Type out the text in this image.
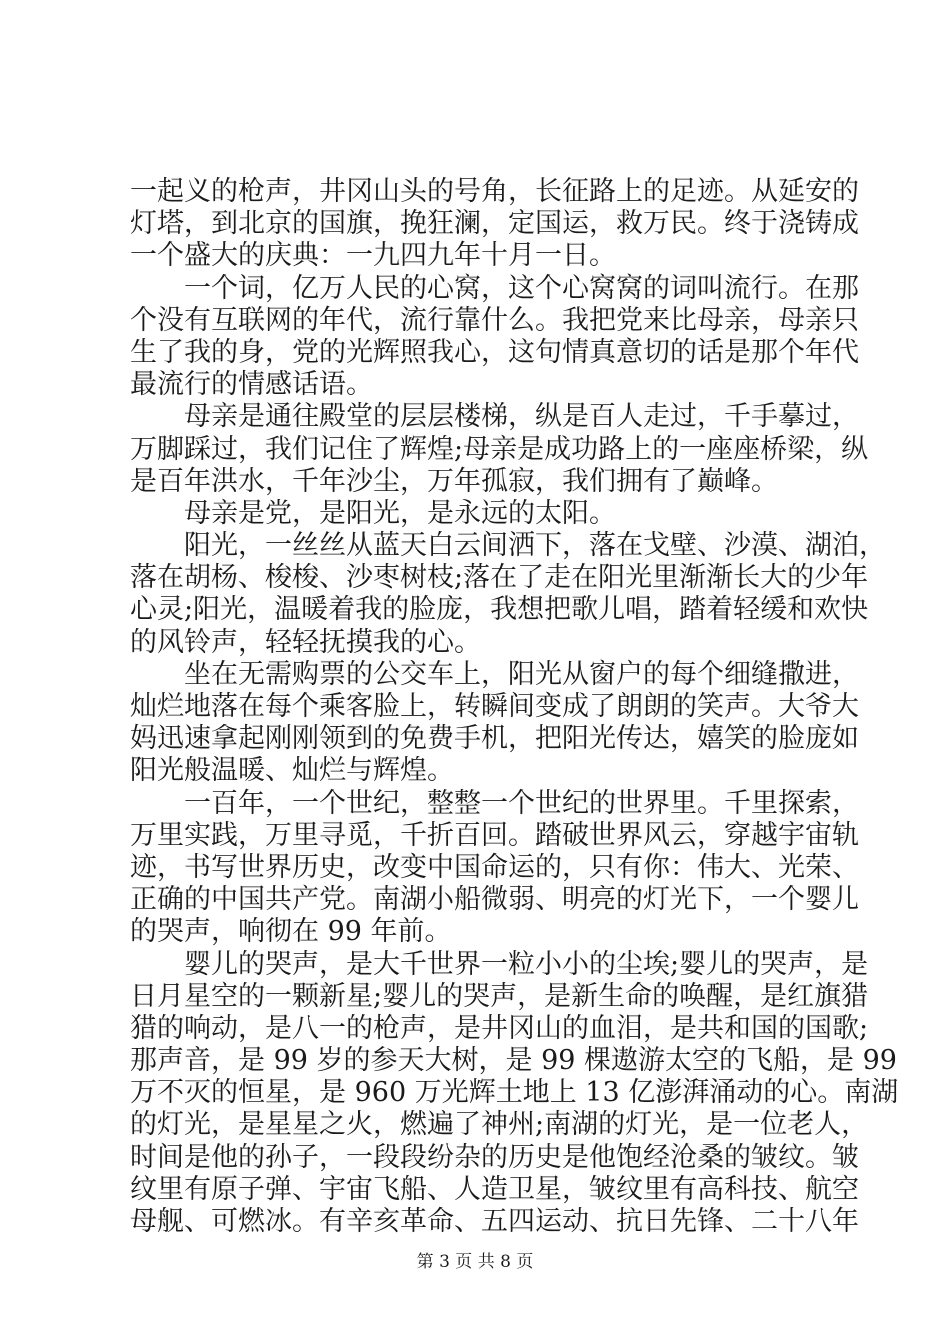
一起义的枪声，井冈山头的号角，长征路上的足迹。从延安的
灯塔，到北京的国旗，挽狂澜，定国运，救万民。终于浇铸成
一个盛大的庆典：一九四九年十月一日。
一个词，亿万人民的心窝，这个心窝窝的词叫流行。在那
个没有互联网的年代，流行靠什么。我把党来比母亲，母亲只
生了我的身，党的光辉照我心，这句情真意切的话是那个年代
最流行的情感话语。
母亲是通往殿堂的层层楼梯，纵是百人走过，千手摹过，
万脚踩过，我们记住了辉煌;母亲是成功路上的一座座桥梁，纵
是百年洪水，千年沙尘，万年孤寂，我们拥有了巅峰。
母亲是党，是阳光，是永远的太阳。
阳光，一丝丝从蓝天白云间洒下，落在戈壁、沙漠、湖泊，
落在胡杨、梭梭、沙枣树枝;落在了走在阳光里渐渐长大的少年
心灵;阳光，温暖着我的脸庞，我想把歌儿唱，踏着轻缓和欢快
的风铃声，轻轻抚摸我的心。
坐在无需购票的公交车上，阳光从窗户的每个细缝撒进，
灿烂地落在每个乘客脸上，转瞬间变成了朗朗的笑声。大爷大
妈迅速拿起刚刚领到的免费手机，把阳光传达，嬉笑的脸庞如
阳光般温暖、灿烂与辉煌。
一百年，一个世纪，整整一个世纪的世界里。千里探索，
万里实践，万里寻觅，千折百回。踏破世界风云，穿越宇宙轨
迹，书写世界历史，改变中国命运的，只有你：伟大、光荣、
正确的中国共产党。南湖小船微弱、明亮的灯光下，一个婴儿
的哭声，响彻在 99 年前。
婴儿的哭声，是大千世界一粒小小的尘埃;婴儿的哭声，是
日月星空的一颗新星;婴儿的哭声，是新生命的唤醒，是红旗猎
猎的响动，是八一的枪声，是井冈山的血泪，是共和国的国歌;
那声音，是 99 岁的参天大树，是 99 棵遨游太空的飞船，是 99
万不灭的恒星，是 960 万光辉土地上 13 亿澎湃涌动的心。南湖
的灯光，是星星之火，燃遍了神州;南湖的灯光，是一位老人，
时间是他的孙子，一段段纷杂的历史是他饱经沧桑的皱纹。皱
纹里有原子弹、宇宙飞船、人造卫星，皱纹里有高科技、航空
母舰、可燃冰。有辛亥革命、五四运动、抗日先锋、二十八年
第 3 页 共 8 页
